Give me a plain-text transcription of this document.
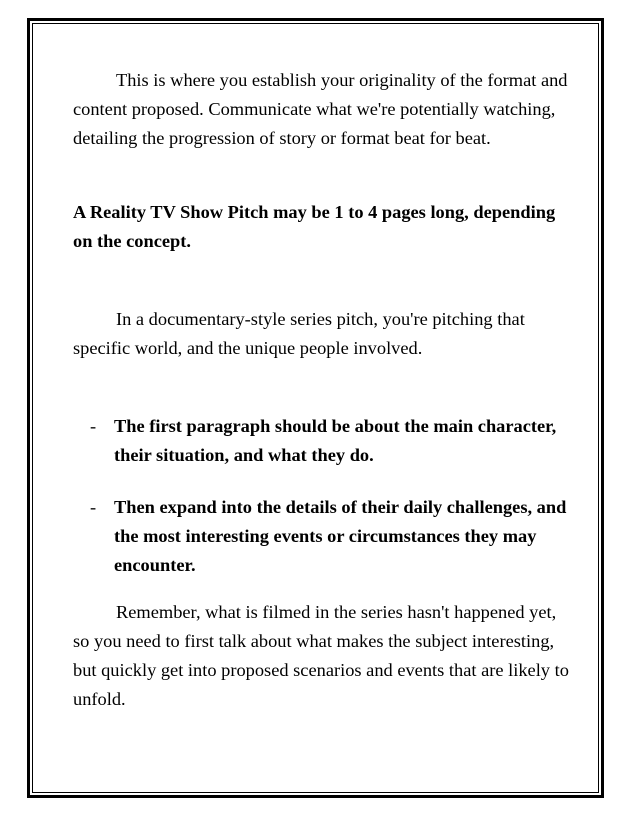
This is where you establish your originality of the format and content proposed. Communicate what we're potentially watching, detailing the progression of story or format beat for beat.

A Reality TV Show Pitch may be 1 to 4 pages long, depending on the concept.

In a documentary-style series pitch, you're pitching that specific world, and the unique people involved.

- The first paragraph should be about the main character, their situation, and what they do.
- Then expand into the details of their daily challenges, and the most interesting events or circumstances they may encounter.

Remember, what is filmed in the series hasn't happened yet, so you need to first talk about what makes the subject interesting, but quickly get into proposed scenarios and events that are likely to unfold.
